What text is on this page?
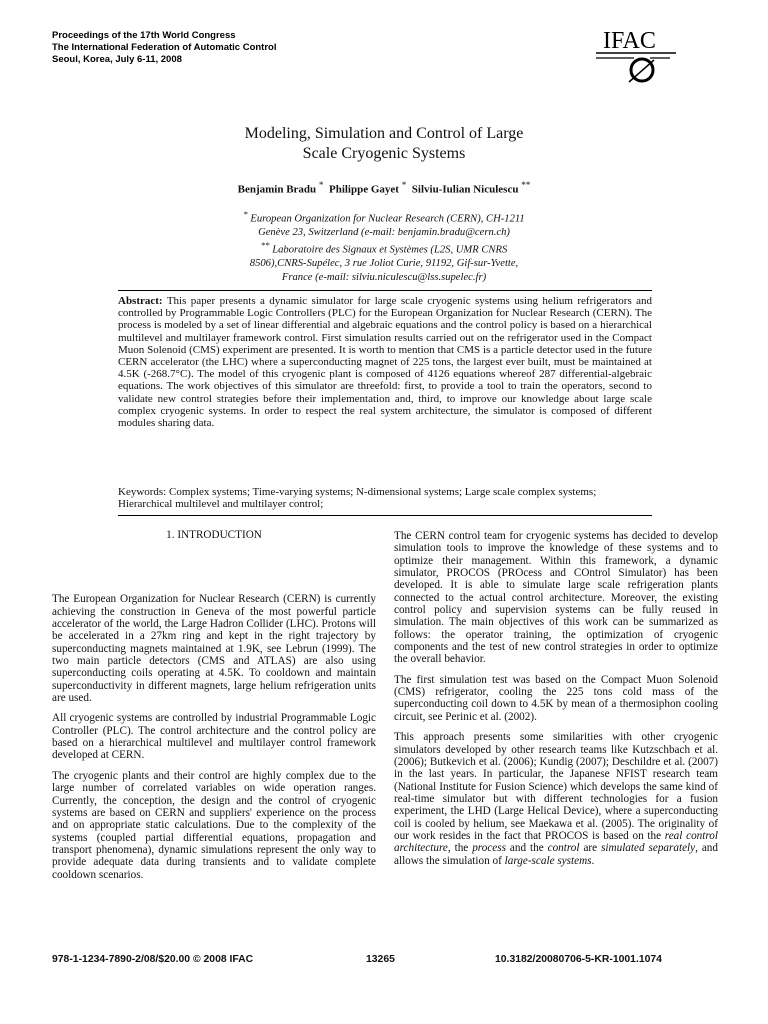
Proceedings of the 17th World Congress
The International Federation of Automatic Control
Seoul, Korea, July 6-11, 2008
IFAC
Modeling, Simulation and Control of Large
Scale Cryogenic Systems
Benjamin Bradu * Philippe Gayet * Silviu-Iulian Niculescu **
* European Organization for Nuclear Research (CERN), CH-1211
Genève 23, Switzerland (e-mail: benjamin.bradu@cern.ch)
** Laboratoire des Signaux et Systèmes (L2S, UMR CNRS
8506),CNRS-Supélec, 3 rue Joliot Curie, 91192, Gif-sur-Yvette,
France (e-mail: silviu.niculescu@lss.supelec.fr)
Abstract: This paper presents a dynamic simulator for large scale cryogenic systems using helium refrigerators and controlled by Programmable Logic Controllers (PLC) for the European Organization for Nuclear Research (CERN). The process is modeled by a set of linear differential and algebraic equations and the control policy is based on a hierarchical multilevel and multilayer framework control. First simulation results carried out on the refrigerator used in the Compact Muon Solenoid (CMS) experiment are presented. It is worth to mention that CMS is a particle detector used in the future CERN accelerator (the LHC) where a superconducting magnet of 225 tons, the largest ever built, must be maintained at 4.5K (-268.7°C). The model of this cryogenic plant is composed of 4126 equations whereof 287 differential-algebraic equations. The work objectives of this simulator are threefold: first, to provide a tool to train the operators, second to validate new control strategies before their implementation and, third, to improve our knowledge about large scale complex cryogenic systems. In order to respect the real system architecture, the simulator is composed of different modules sharing data.
Keywords: Complex systems; Time-varying systems; N-dimensional systems; Large scale complex systems; Hierarchical multilevel and multilayer control;

1. INTRODUCTION

The European Organization for Nuclear Research (CERN) is currently achieving the construction in Geneva of the most powerful particle accelerator of the world, the Large Hadron Collider (LHC). Protons will be accelerated in a 27km ring and kept in the right trajectory by superconducting magnets maintained at 1.9K, see Lebrun (1999). The two main particle detectors (CMS and ATLAS) are also using superconducting coils operating at 4.5K. To cooldown and maintain superconductivity in different magnets, large helium refrigeration units are used.

All cryogenic systems are controlled by industrial Programmable Logic Controller (PLC). The control architecture and the control policy are based on a hierarchical multilevel and multilayer control framework developed at CERN.

The cryogenic plants and their control are highly complex due to the large number of correlated variables on wide operation ranges. Currently, the conception, the design and the control of cryogenic systems are based on CERN and suppliers' experience on the process and on appropriate static calculations. Due to the complexity of the systems (coupled partial differential equations, propagation and transport phenomena), dynamic simulations represent the only way to provide adequate data during transients and to validate complete cooldown scenarios.

The CERN control team for cryogenic systems has decided to develop simulation tools to improve the knowledge of these systems and to optimize their management. Within this framework, a dynamic simulator, PROCOS (PROcess and COntrol Simulator) has been developed. It is able to simulate large scale refrigeration plants connected to the actual control architecture. Moreover, the existing control policy and supervision systems can be fully reused in simulation. The main objectives of this work can be summarized as follows: the operator training, the optimization of cryogenic components and the test of new control strategies in order to optimize the overall behavior.

The first simulation test was based on the Compact Muon Solenoid (CMS) refrigerator, cooling the 225 tons cold mass of the superconducting coil down to 4.5K by mean of a thermosiphon cooling circuit, see Perinic et al. (2002).

This approach presents some similarities with other cryogenic simulators developed by other research teams like Kutzschbach et al. (2006); Butkevich et al. (2006); Kundig (2007); Deschildre et al. (2007) in the last years. In particular, the Japanese NFIST research team (National Institute for Fusion Science) which develops the same kind of real-time simulator but with different technologies for a fusion experiment, the LHD (Large Helical Device), where a superconducting coil is cooled by helium, see Maekawa et al. (2005). The originality of our work resides in the fact that PROCOS is based on the real control architecture, the process and the control are simulated separately, and allows the simulation of large-scale systems.

978-1-1234-7890-2/08/$20.00 © 2008 IFAC	13265	10.3182/20080706-5-KR-1001.1074
